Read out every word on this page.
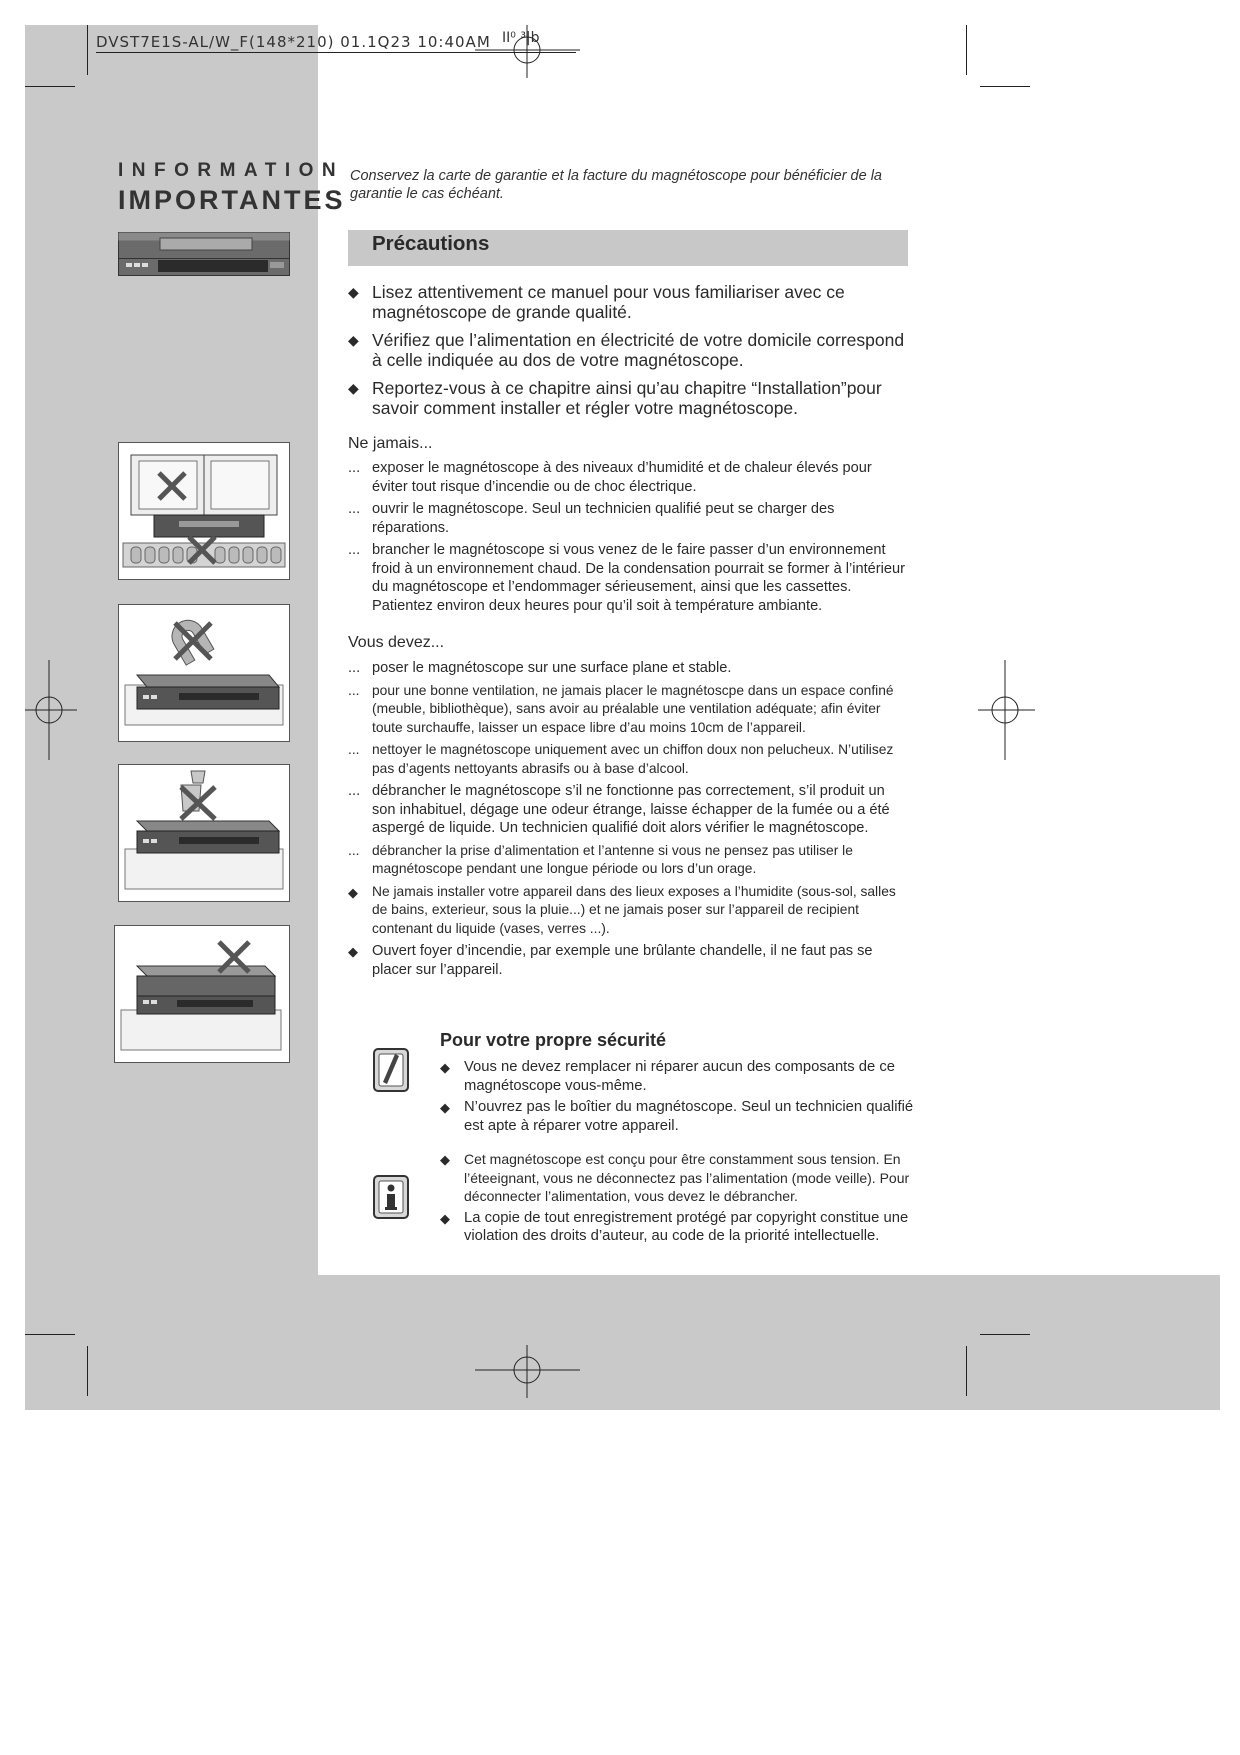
DVST7E1S-AL/W_F(148*210) 01.1Q23 10:40AM ⅠⅠ⁰ ³|b
INFORMATION
IMPORTANTES
Conservez la carte de garantie et la facture du magnétoscope pour bénéficier de la garantie le cas échéant.
Précautions
◆ Lisez attentivement ce manuel pour vous familiariser avec ce magnétoscope de grande qualité.
◆ Vérifiez que l’alimentation en électricité de votre domicile correspond à celle indiquée au dos de votre magnétoscope.
◆ Reportez-vous à ce chapitre ainsi qu’au chapitre “Installation”pour savoir comment installer et régler votre magnétoscope.
Ne jamais...
... exposer le magnétoscope à des niveaux d’humidité et de chaleur élevés pour éviter tout risque d’incendie ou de choc électrique.
... ouvrir le magnétoscope. Seul un technicien qualifié peut se charger des réparations.
... brancher le magnétoscope si vous venez de le faire passer d’un environnement froid à un environnement chaud. De la condensation pourrait se former à l’intérieur du magnétoscope et l’endommager sérieusement, ainsi que les cassettes. Patientez environ deux heures pour qu’il soit à température ambiante.
Vous devez...
... poser le magnétoscope sur une surface plane et stable.
... pour une bonne ventilation, ne jamais placer le magnétoscpe dans un espace confiné (meuble, bibliothèque), sans avoir au préalable une ventilation adéquate; afin éviter toute surchauffe, laisser un espace libre d’au moins 10cm de l’appareil.
... nettoyer le magnétoscope uniquement avec un chiffon doux non pelucheux. N’utilisez pas d’agents nettoyants abrasifs ou à base d’alcool.
... débrancher le magnétoscope s’il ne fonctionne pas correctement, s’il produit un son inhabituel, dégage une odeur étrange, laisse échapper de la fumée ou a été aspergé de liquide. Un technicien qualifié doit alors vérifier le magnétoscope.
... débrancher la prise d’alimentation et l’antenne si vous ne pensez pas utiliser le magnétoscope pendant une longue période ou lors d’un orage.
◆ Ne jamais installer votre appareil dans des lieux exposes a l’humidite (sous-sol, salles de bains, exterieur, sous la pluie...) et ne jamais poser sur l’appareil de recipient contenant du liquide (vases, verres ...).
◆ Ouvert foyer d’incendie, par exemple une brûlante chandelle, il ne faut pas se placer sur l’appareil.
Pour votre propre sécurité
◆ Vous ne devez remplacer ni réparer aucun des composants de ce magnétoscope vous-même.
◆ N’ouvrez pas le boîtier du magnétoscope. Seul un technicien qualifié est apte à réparer votre appareil.
◆ Cet magnétoscope est conçu pour être constamment sous tension. En l’éteeignant, vous ne déconnectez pas l’alimentation (mode veille). Pour déconnecter l’alimentation, vous devez le débrancher.
◆ La copie de tout enregistrement protégé par copyright constitue une violation des droits d’auteur, au code de la priorité intellectuelle.
